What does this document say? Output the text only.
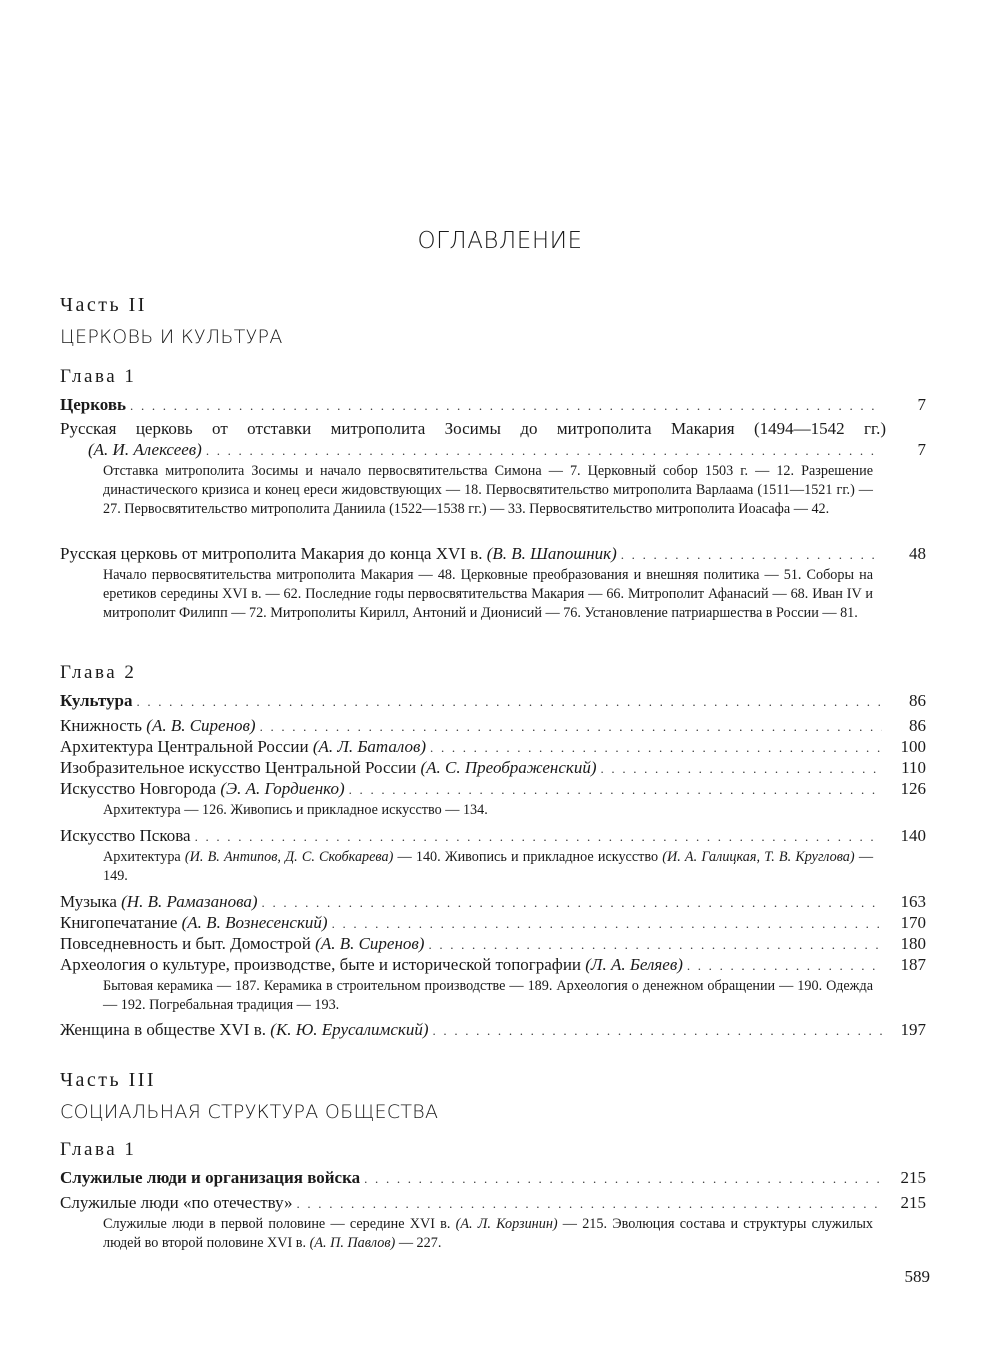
ОГЛАВЛЕНИЕ
Часть II
ЦЕРКОВЬ И КУЛЬТУРА
Глава 1
Церковь . . .	7
Русская церковь от отставки митрополита Зосимы до митрополита Макария (1494—1542 гг.)
(А. И. Алексеев) . . .	7
Отставка митрополита Зосимы и начало первосвятительства Симона — 7. Церковный собор 1503 г. — 12. Разрешение династического кризиса и конец ереси жидовствующих — 18. Первосвятительство митрополита Варлаама (1511—1521 гг.) — 27. Первосвятительство митрополита Даниила (1522—1538 гг.) — 33. Первосвятительство митрополита Иоасафа — 42.
Русская церковь от митрополита Макария до конца XVI в. (В. В. Шапошник) . . .	48
Начало первосвятительства митрополита Макария — 48. Церковные преобразования и внешняя политика — 51. Соборы на еретиков середины XVI в. — 62. Последние годы первосвятительства Макария — 66. Митрополит Афанасий — 68. Иван IV и митрополит Филипп — 72. Митрополиты Кирилл, Антоний и Дионисий — 76. Установление патриаршества в России — 81.
Глава 2
Культура . . .	86
Книжность (А. В. Сиренов) . . .	86
Архитектура Центральной России (А. Л. Баталов) . . .	100
Изобразительное искусство Центральной России (А. С. Преображенский) . . .	110
Искусство Новгорода (Э. А. Гордиенко) . . .	126
Архитектура — 126. Живопись и прикладное искусство — 134.
Искусство Пскова . . .	140
Архитектура (И. В. Антипов, Д. С. Скобкарева) — 140. Живопись и прикладное искусство (И. А. Галицкая, Т. В. Круглова) — 149.
Музыка (Н. В. Рамазанова) . . .	163
Книгопечатание (А. В. Вознесенский) . . .	170
Повседневность и быт. Домострой (А. В. Сиренов) . . .	180
Археология о культуре, производстве, быте и исторической топографии (Л. А. Беляев) . . .	187
Бытовая керамика — 187. Керамика в строительном производстве — 189. Археология о денежном обращении — 190. Одежда — 192. Погребальная традиция — 193.
Женщина в обществе XVI в. (К. Ю. Ерусалимский) . . .	197
Часть III
СОЦИАЛЬНАЯ СТРУКТУРА ОБЩЕСТВА
Глава 1
Служилые люди и организация войска . . .	215
Служилые люди «по отечеству» . . .	215
Служилые люди в первой половине — середине XVI в. (А. Л. Корзинин) — 215. Эволюция состава и структуры служилых людей во второй половине XVI в. (А. П. Павлов) — 227.
589
